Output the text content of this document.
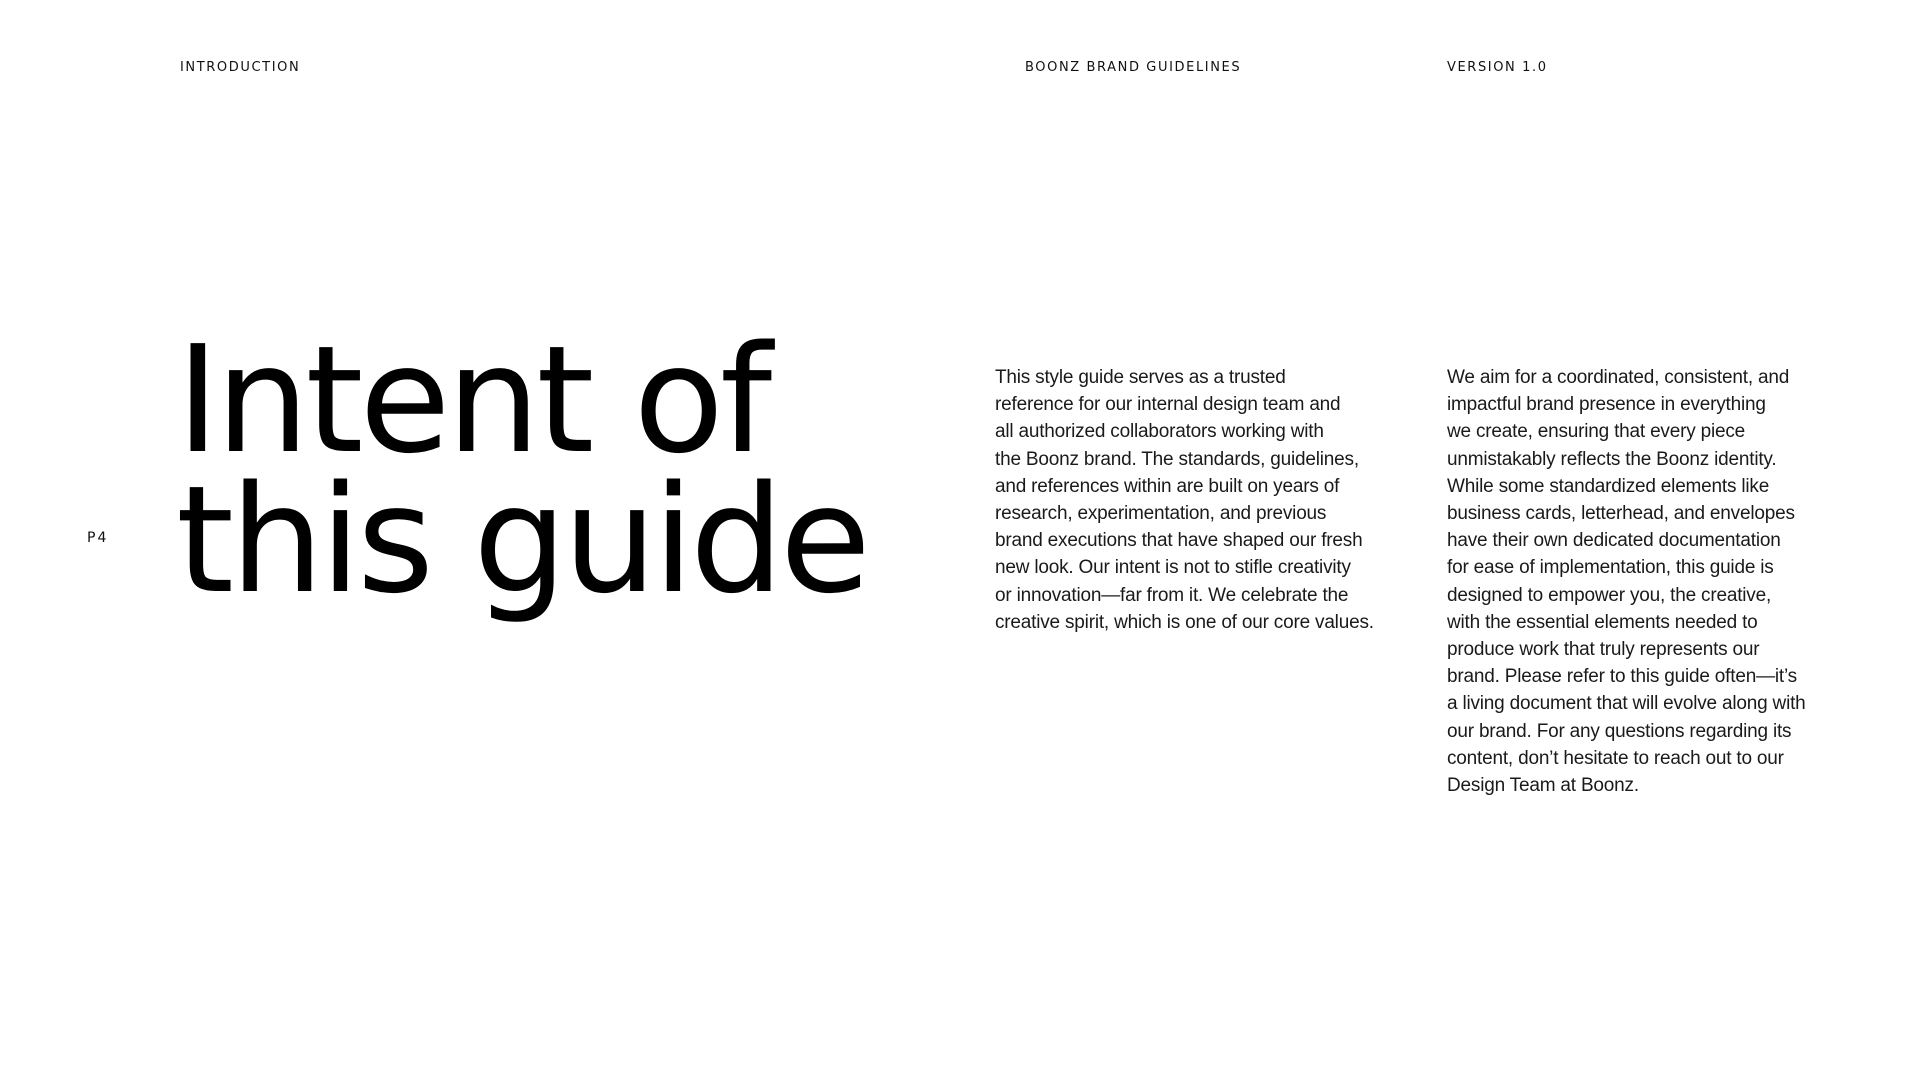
INTRODUCTION	BOONZ BRAND GUIDELINES	VERSION 1.0
P4
Intent of
this guide

This style guide serves as a trusted
reference for our internal design team and
all authorized collaborators working with
the Boonz brand. The standards, guidelines,
and references within are built on years of
research, experimentation, and previous
brand executions that have shaped our fresh
new look. Our intent is not to stifle creativity
or innovation—far from it. We celebrate the
creative spirit, which is one of our core values.

We aim for a coordinated, consistent, and
impactful brand presence in everything
we create, ensuring that every piece
unmistakably reflects the Boonz identity.
While some standardized elements like
business cards, letterhead, and envelopes
have their own dedicated documentation
for ease of implementation, this guide is
designed to empower you, the creative,
with the essential elements needed to
produce work that truly represents our
brand. Please refer to this guide often—it’s
a living document that will evolve along with
our brand. For any questions regarding its
content, don’t hesitate to reach out to our
Design Team at Boonz.
